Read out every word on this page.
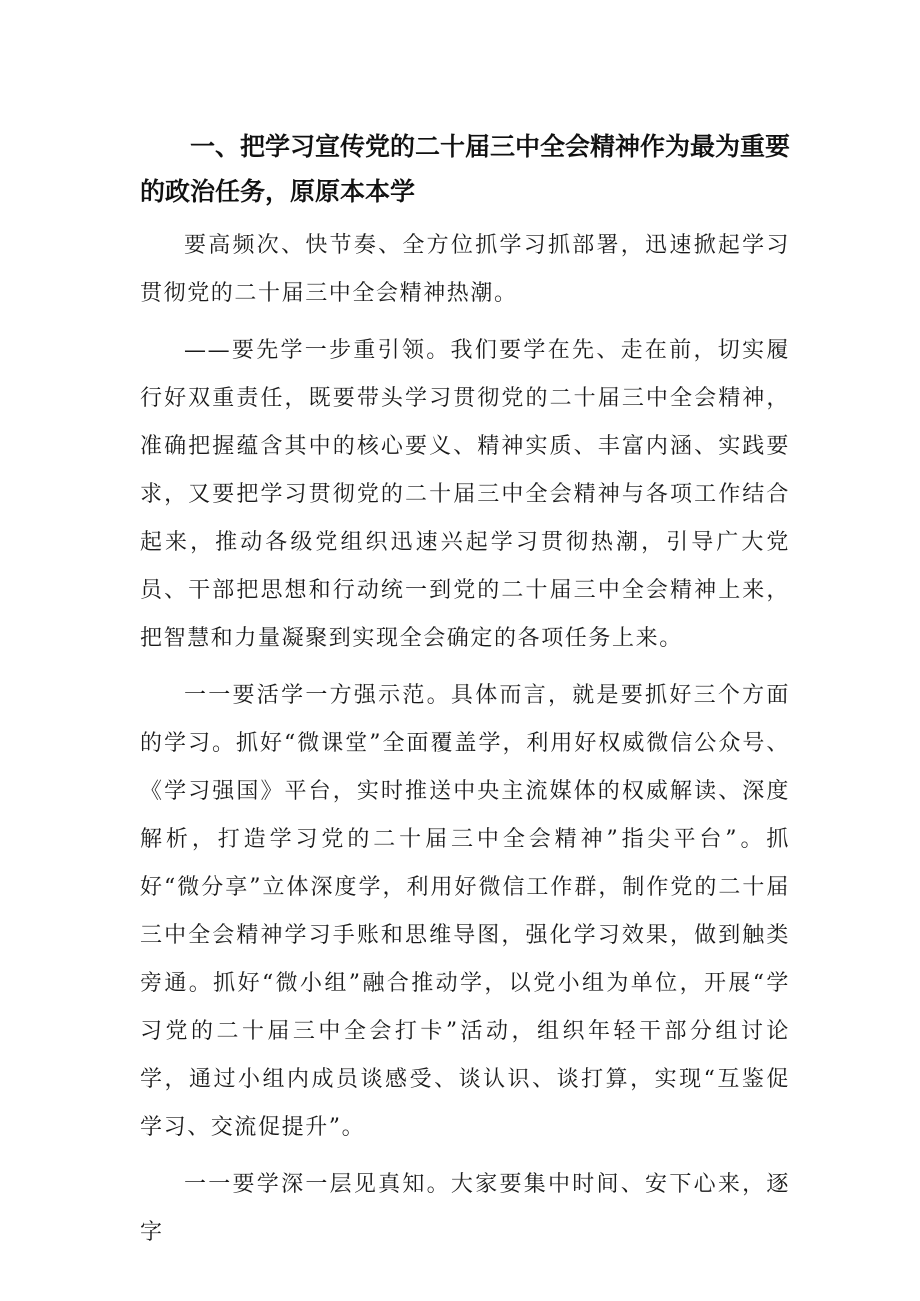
一、把学习宣传党的二十届三中全会精神作为最为重要的政治任务，原原本本学

要高频次、快节奏、全方位抓学习抓部署，迅速掀起学习贯彻党的二十届三中全会精神热潮。

——要先学一步重引领。我们要学在先、走在前，切实履行好双重责任，既要带头学习贯彻党的二十届三中全会精神，准确把握蕴含其中的核心要义、精神实质、丰富内涵、实践要求，又要把学习贯彻党的二十届三中全会精神与各项工作结合起来，推动各级党组织迅速兴起学习贯彻热潮，引导广大党员、干部把思想和行动统一到党的二十届三中全会精神上来，把智慧和力量凝聚到实现全会确定的各项任务上来。

一一要活学一方强示范。具体而言，就是要抓好三个方面的学习。抓好“微课堂”全面覆盖学，利用好权威微信公众号、《学习强国》平台，实时推送中央主流媒体的权威解读、深度解析，打造学习党的二十届三中全会精神”指尖平台”。抓好“微分享”立体深度学，利用好微信工作群，制作党的二十届三中全会精神学习手账和思维导图，强化学习效果，做到触类旁通。抓好“微小组”融合推动学，以党小组为单位，开展“学习党的二十届三中全会打卡”活动，组织年轻干部分组讨论学，通过小组内成员谈感受、谈认识、谈打算，实现“互鉴促学习、交流促提升”。

一一要学深一层见真知。大家要集中时间、安下心来，逐字
